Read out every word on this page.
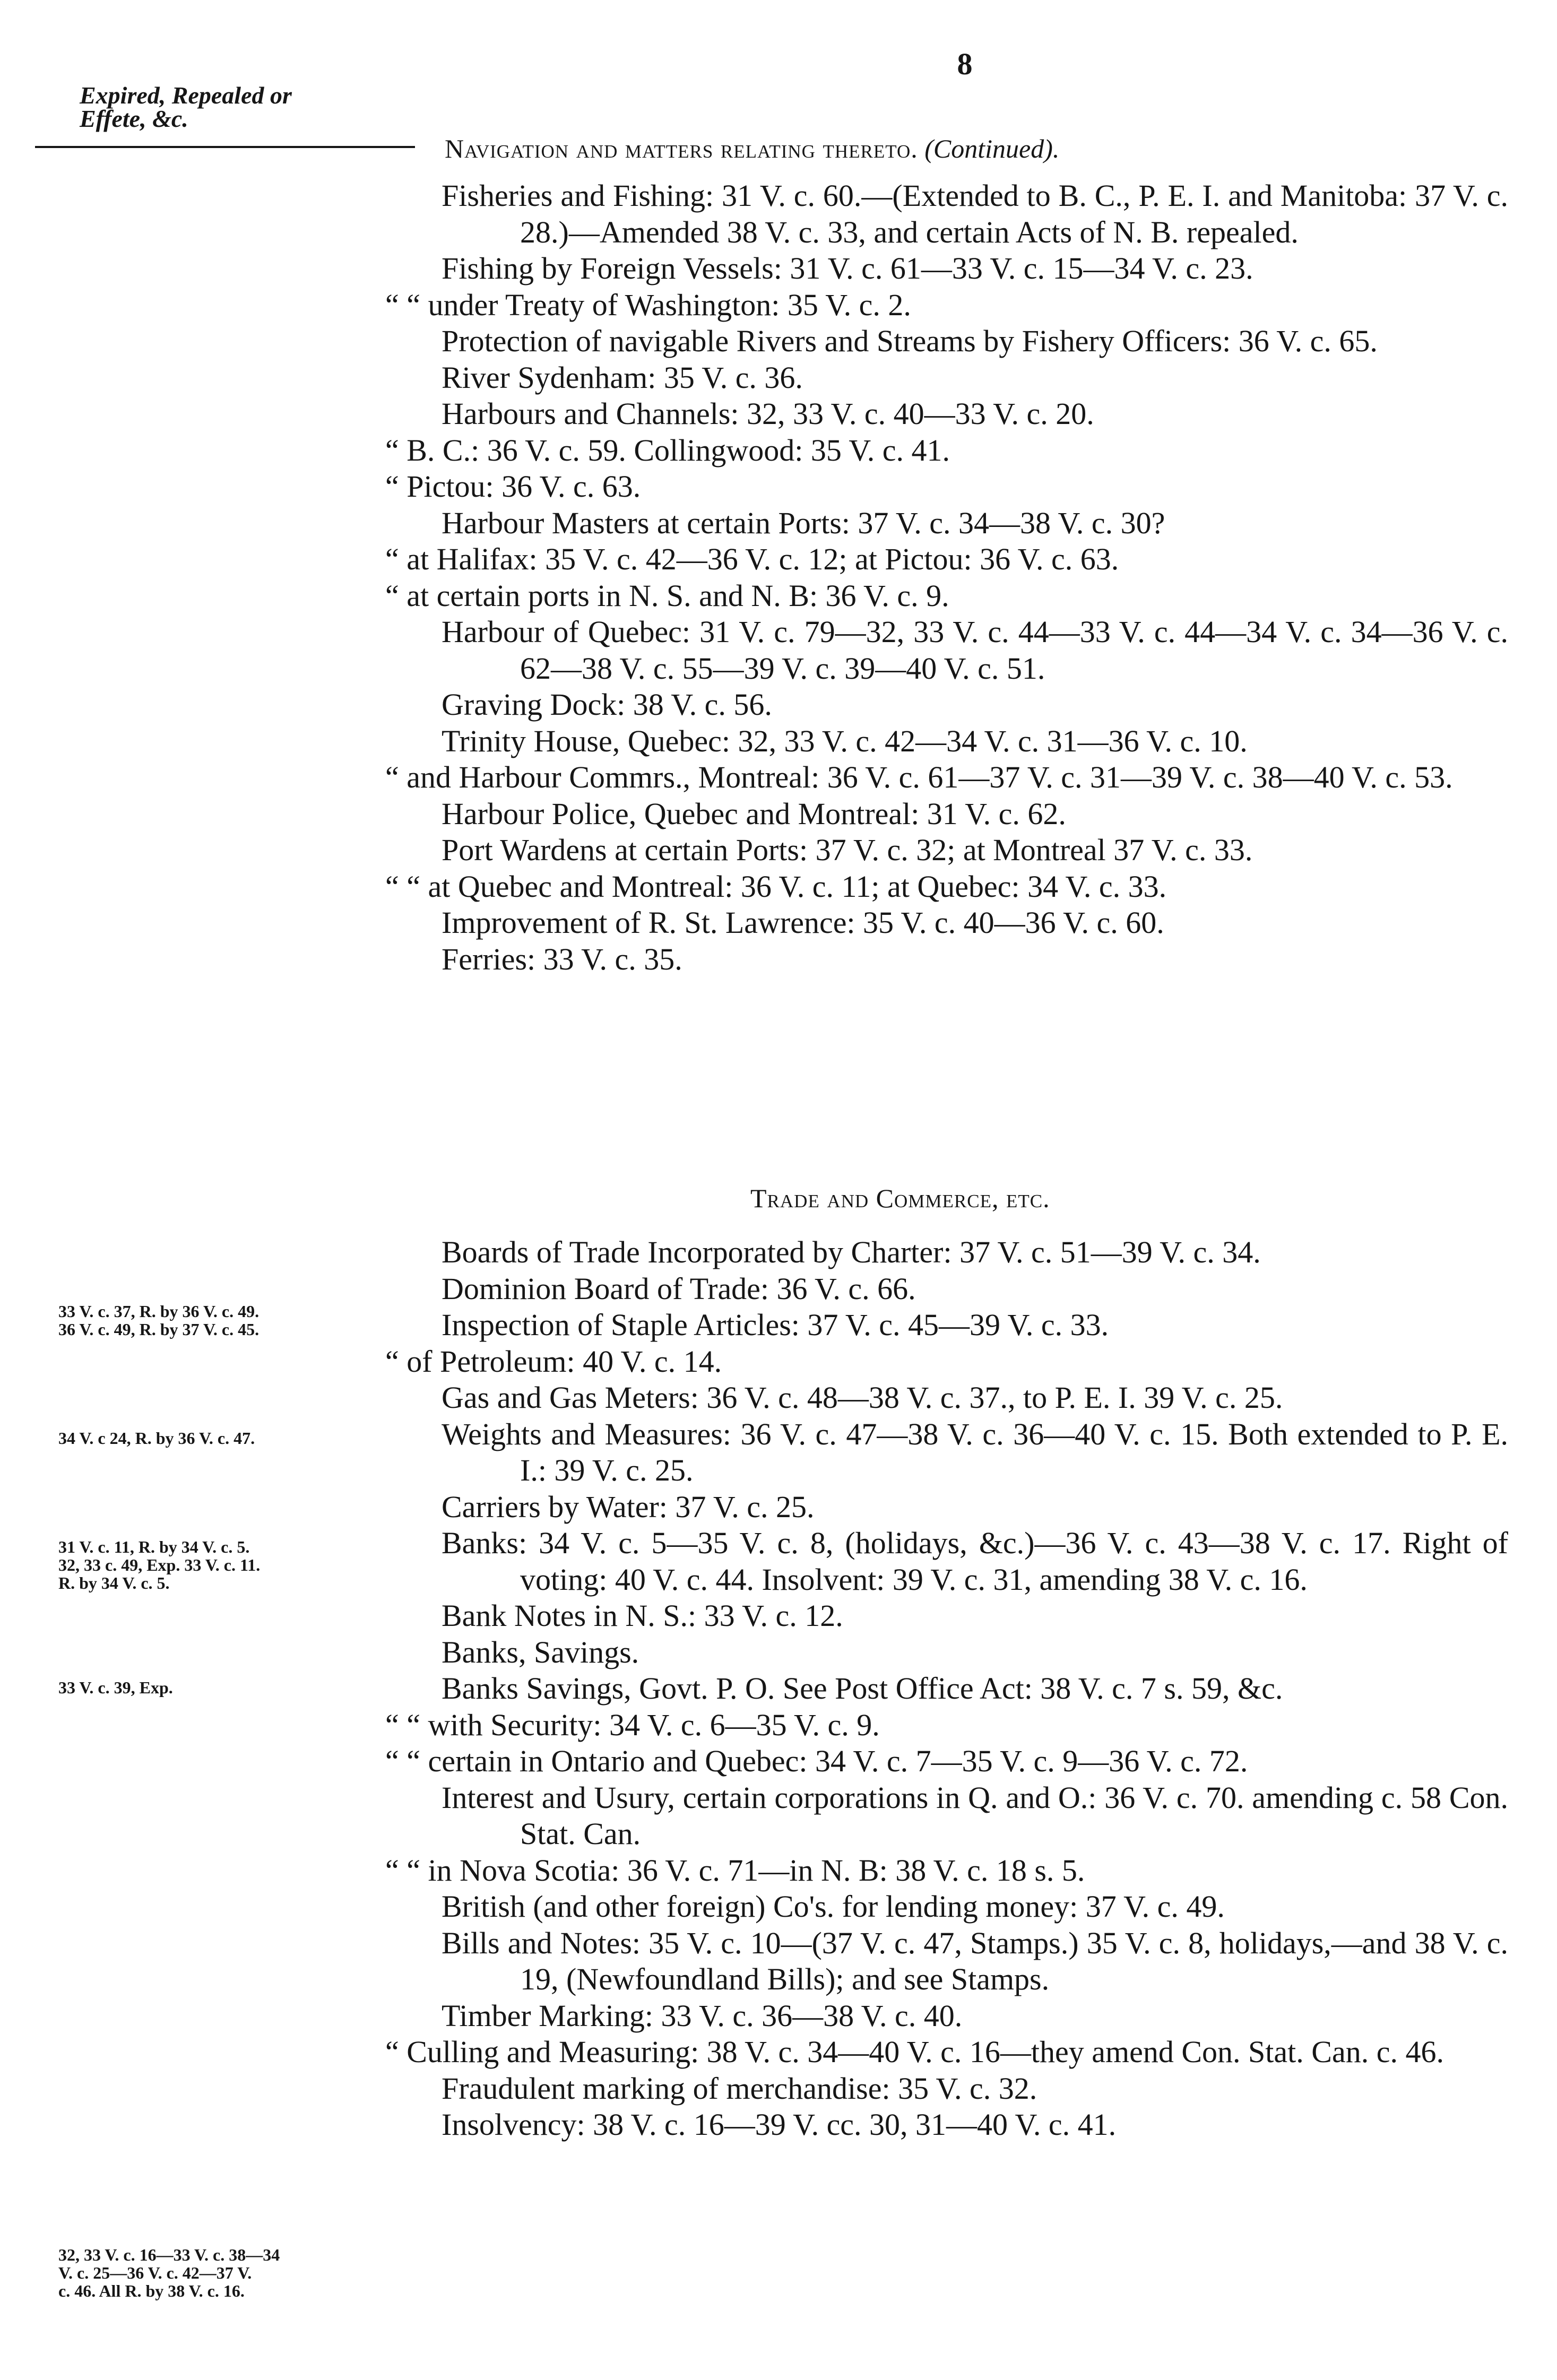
8
Expired, Repealed or
Effete, &c.
Navigation and matters relating thereto. (Continued).
Fisheries and Fishing: 31 V. c. 60.—(Extended to B. C., P. E. I. and Manitoba: 37 V. c. 28.)—Amended 38 V. c. 33, and certain Acts of N. B. repealed.
Fishing by Foreign Vessels: 31 V. c. 61—33 V. c. 15—34 V. c. 23.
“ “ under Treaty of Washington: 35 V. c. 2.
Protection of navigable Rivers and Streams by Fishery Officers: 36 V. c. 65.
River Sydenham: 35 V. c. 36.
Harbours and Channels: 32, 33 V. c. 40—33 V. c. 20.
“ B. C.: 36 V. c. 59. Collingwood: 35 V. c. 41.
“ Pictou: 36 V. c. 63.
Harbour Masters at certain Ports: 37 V. c. 34—38 V. c. 30?
“ at Halifax: 35 V. c. 42—36 V. c. 12; at Pictou: 36 V. c. 63.
“ at certain ports in N. S. and N. B: 36 V. c. 9.
Harbour of Quebec: 31 V. c. 79—32, 33 V. c. 44—33 V. c. 44—34 V. c. 34—36 V. c. 62—38 V. c. 55—39 V. c. 39—40 V. c. 51.
Graving Dock: 38 V. c. 56.
Trinity House, Quebec: 32, 33 V. c. 42—34 V. c. 31—36 V. c. 10.
“ and Harbour Commrs., Montreal: 36 V. c. 61—37 V. c. 31—39 V. c. 38—40 V. c. 53.
Harbour Police, Quebec and Montreal: 31 V. c. 62.
Port Wardens at certain Ports: 37 V. c. 32; at Montreal 37 V. c. 33.
“ “ at Quebec and Montreal: 36 V. c. 11; at Quebec: 34 V. c. 33.
Improvement of R. St. Lawrence: 35 V. c. 40—36 V. c. 60.
Ferries: 33 V. c. 35.
Trade and Commerce, etc.
Boards of Trade Incorporated by Charter: 37 V. c. 51—39 V. c. 34.
Dominion Board of Trade: 36 V. c. 66.
Inspection of Staple Articles: 37 V. c. 45—39 V. c. 33.
“ of Petroleum: 40 V. c. 14.
Gas and Gas Meters: 36 V. c. 48—38 V. c. 37., to P. E. I. 39 V. c. 25.
Weights and Measures: 36 V. c. 47—38 V. c. 36—40 V. c. 15. Both extended to P. E. I.: 39 V. c. 25.
Carriers by Water: 37 V. c. 25.
Banks: 34 V. c. 5—35 V. c. 8, (holidays, &c.)—36 V. c. 43—38 V. c. 17. Right of voting: 40 V. c. 44. Insolvent: 39 V. c. 31, amending 38 V. c. 16.
Bank Notes in N. S.: 33 V. c. 12.
Banks, Savings.
Banks Savings, Govt. P. O. See Post Office Act: 38 V. c. 7 s. 59, &c.
“ “ with Security: 34 V. c. 6—35 V. c. 9.
“ “ certain in Ontario and Quebec: 34 V. c. 7—35 V. c. 9—36 V. c. 72.
Interest and Usury, certain corporations in Q. and O.: 36 V. c. 70. amending c. 58 Con. Stat. Can.
“ “ in Nova Scotia: 36 V. c. 71—in N. B: 38 V. c. 18 s. 5.
British (and other foreign) Co's. for lending money: 37 V. c. 49.
Bills and Notes: 35 V. c. 10—(37 V. c. 47, Stamps.) 35 V. c. 8, holidays,—and 38 V. c. 19, (Newfoundland Bills); and see Stamps.
Timber Marking: 33 V. c. 36—38 V. c. 40.
“ Culling and Measuring: 38 V. c. 34—40 V. c. 16—they amend Con. Stat. Can. c. 46.
Fraudulent marking of merchandise: 35 V. c. 32.
Insolvency: 38 V. c. 16—39 V. cc. 30, 31—40 V. c. 41.
33 V. c. 37, R. by 36 V. c. 49.
36 V. c. 49, R. by 37 V. c. 45.
34 V. c 24, R. by 36 V. c. 47.
31 V. c. 11, R. by 34 V. c. 5.
32, 33 c. 49, Exp. 33 V. c. 11.
R. by 34 V. c. 5.
33 V. c. 39, Exp.
32, 33 V. c. 16—33 V. c. 38—34
V. c. 25—36 V. c. 42—37 V.
c. 46. All R. by 38 V. c. 16.
